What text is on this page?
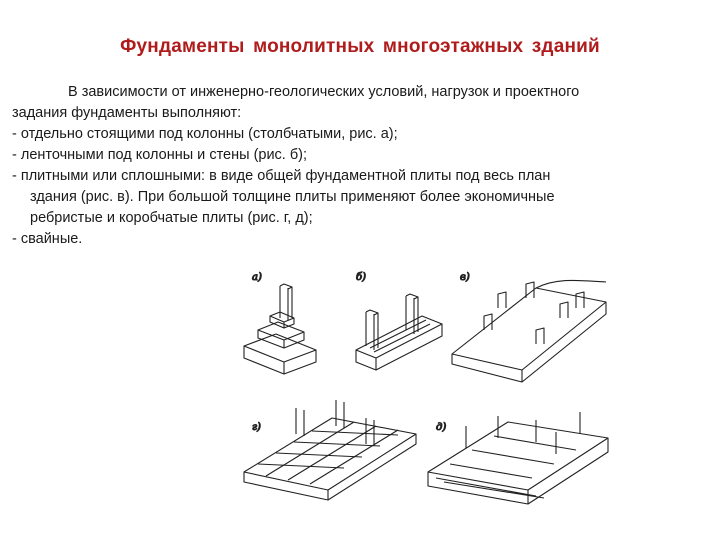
Фундаменты монолитных многоэтажных зданий
В зависимости от инженерно-геологических условий, нагрузок и проектного
задания фундаменты выполняют:
- отдельно стоящими под колонны (столбчатыми, рис. а);
- ленточными под колонны и стены (рис. б);
- плитными или сплошными: в виде общей фундаментной плиты под весь план
здания (рис. в). При большой толщине плиты применяют более экономичные
ребристые и коробчатые плиты (рис. г, д);
- свайные.
а)	б)	в)
г)	д)
